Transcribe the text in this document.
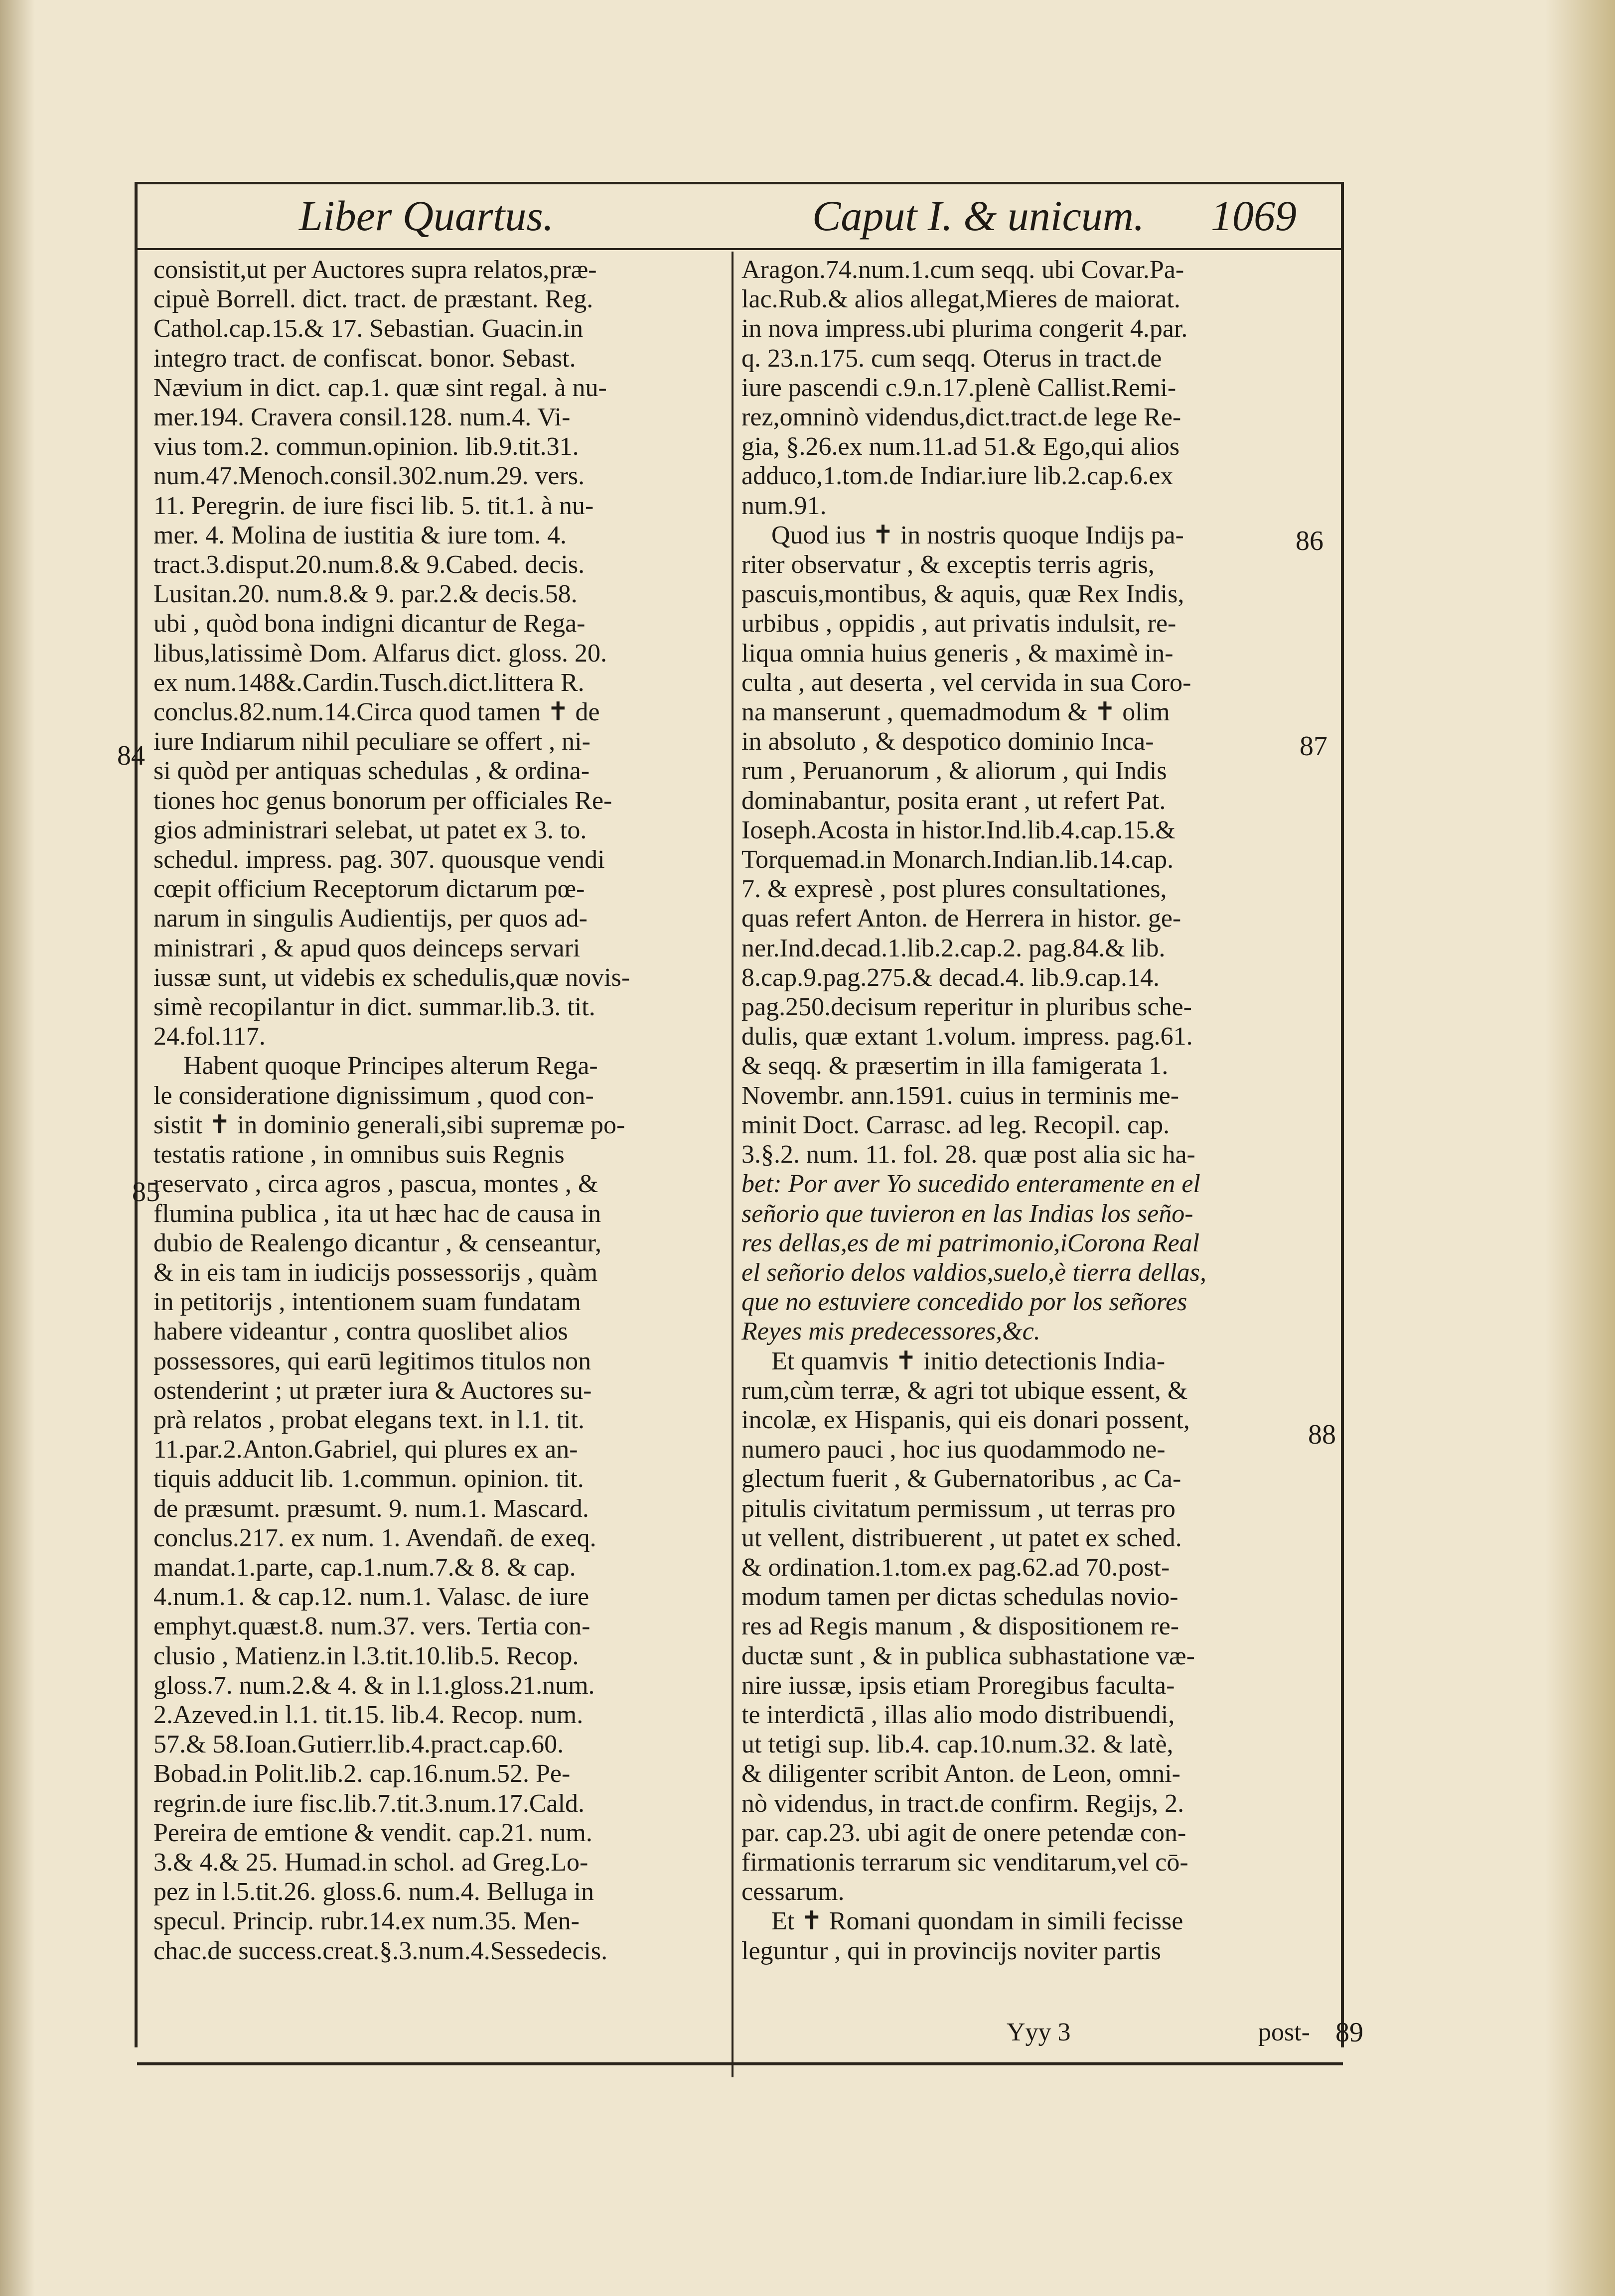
Liber Quartus.	Caput I. & unicum. 1069
consistit,ut per Auctores supra relatos,præ-
cipuè Borrell. dict. tract. de præstant. Reg.
Cathol.cap.15.& 17. Sebastian. Guacin.in
integro tract. de confiscat. bonor. Sebast.
Nævium in dict. cap.1. quæ sint regal. à nu-
mer.194. Cravera consil.128. num.4. Vi-
vius tom.2. commun.opinion. lib.9.tit.31.
num.47.Menoch.consil.302.num.29. vers.
11. Peregrin. de iure fisci lib. 5. tit.1. à nu-
mer. 4. Molina de iustitia & iure tom. 4.
tract.3.disput.20.num.8.& 9.Cabed. decis.
Lusitan.20. num.8.& 9. par.2.& decis.58.
ubi , quòd bona indigni dicantur de Rega-
libus,latissimè Dom. Alfarus dict. gloss. 20.
ex num.148&.Cardin.Tusch.dict.littera R.
conclus.82.num.14.Circa quod tamen ✝ de
iure Indiarum nihil peculiare se offert , ni-
si quòd per antiquas schedulas , & ordina-
tiones hoc genus bonorum per officiales Re-
gios administrari selebat, ut patet ex 3. to.
schedul. impress. pag. 307. quousque vendi
cœpit officium Receptorum dictarum pœ-
narum in singulis Audientijs, per quos ad-
ministrari , & apud quos deinceps servari
iussæ sunt, ut videbis ex schedulis,quæ novis-
simè recopilantur in dict. summar.lib.3. tit.
24.fol.117.
Habent quoque Principes alterum Rega-
le consideratione dignissimum , quod con-
sistit ✝ in dominio generali,sibi supremæ po-
testatis ratione , in omnibus suis Regnis
reservato , circa agros , pascua, montes , &
flumina publica , ita ut hæc hac de causa in
dubio de Realengo dicantur , & censeantur,
& in eis tam in iudicijs possessorijs , quàm
in petitorijs , intentionem suam fundatam
habere videantur , contra quoslibet alios
possessores, qui earū legitimos titulos non
ostenderint ; ut præter iura & Auctores su-
prà relatos , probat elegans text. in l.1. tit.
11.par.2.Anton.Gabriel, qui plures ex an-
tiquis adducit lib. 1.commun. opinion. tit.
de præsumt. præsumt. 9. num.1. Mascard.
conclus.217. ex num. 1. Avendañ. de exeq.
mandat.1.parte, cap.1.num.7.& 8. & cap.
4.num.1. & cap.12. num.1. Valasc. de iure
emphyt.quæst.8. num.37. vers. Tertia con-
clusio , Matienz.in l.3.tit.10.lib.5. Recop.
gloss.7. num.2.& 4. & in l.1.gloss.21.num.
2.Azeved.in l.1. tit.15. lib.4. Recop. num.
57.& 58.Ioan.Gutierr.lib.4.pract.cap.60.
Bobad.in Polit.lib.2. cap.16.num.52. Pe-
regrin.de iure fisc.lib.7.tit.3.num.17.Cald.
Pereira de emtione & vendit. cap.21. num.
3.& 4.& 25. Humad.in schol. ad Greg.Lo-
pez in l.5.tit.26. gloss.6. num.4. Belluga in
specul. Princip. rubr.14.ex num.35. Men-
chac.de success.creat.§.3.num.4.Sessedecis.
Aragon.74.num.1.cum seqq. ubi Covar.Pa-
lac.Rub.& alios allegat,Mieres de maiorat.
in nova impress.ubi plurima congerit 4.par.
q. 23.n.175. cum seqq. Oterus in tract.de
iure pascendi c.9.n.17.plenè Callist.Remi-
rez,omninò videndus,dict.tract.de lege Re-
gia, §.26.ex num.11.ad 51.& Ego,qui alios
adduco,1.tom.de Indiar.iure lib.2.cap.6.ex
num.91.
Quod ius ✝ in nostris quoque Indijs pa-
riter observatur , & exceptis terris agris,
pascuis,montibus, & aquis, quæ Rex Indis,
urbibus , oppidis , aut privatis indulsit, re-
liqua omnia huius generis , & maximè in-
culta , aut deserta , vel cervida in sua Coro-
na manserunt , quemadmodum & ✝ olim
in absoluto , & despotico dominio Inca-
rum , Peruanorum , & aliorum , qui Indis
dominabantur, posita erant , ut refert Pat.
Ioseph.Acosta in histor.Ind.lib.4.cap.15.&
Torquemad.in Monarch.Indian.lib.14.cap.
7. & expresè , post plures consultationes,
quas refert Anton. de Herrera in histor. ge-
ner.Ind.decad.1.lib.2.cap.2. pag.84.& lib.
8.cap.9.pag.275.& decad.4. lib.9.cap.14.
pag.250.decisum reperitur in pluribus sche-
dulis, quæ extant 1.volum. impress. pag.61.
& seqq. & præsertim in illa famigerata 1.
Novembr. ann.1591. cuius in terminis me-
minit Doct. Carrasc. ad leg. Recopil. cap.
3.§.2. num. 11. fol. 28. quæ post alia sic ha-
bet: Por aver Yo sucedido enteramente en el
señorio que tuvieron en las Indias los seño-
res dellas,es de mi patrimonio,iCorona Real
el señorio delos valdios,suelo,è tierra dellas,
que no estuviere concedido por los señores
Reyes mis predecessores,&c.
Et quamvis ✝ initio detectionis India-
rum,cùm terræ, & agri tot ubique essent, &
incolæ, ex Hispanis, qui eis donari possent,
numero pauci , hoc ius quodammodo ne-
glectum fuerit , & Gubernatoribus , ac Ca-
pitulis civitatum permissum , ut terras pro
ut vellent, distribuerent , ut patet ex sched.
& ordination.1.tom.ex pag.62.ad 70.post-
modum tamen per dictas schedulas novio-
res ad Regis manum , & dispositionem re-
ductæ sunt , & in publica subhastatione væ-
nire iussæ, ipsis etiam Proregibus faculta-
te interdictā , illas alio modo distribuendi,
ut tetigi sup. lib.4. cap.10.num.32. & latè,
& diligenter scribit Anton. de Leon, omni-
nò videndus, in tract.de confirm. Regijs, 2.
par. cap.23. ubi agit de onere petendæ con-
firmationis terrarum sic venditarum,vel cō-
cessarum.
Et ✝ Romani quondam in simili fecisse
leguntur , qui in provincijs noviter partis
84
85
86
87
88
89
Yyy 3	post-
